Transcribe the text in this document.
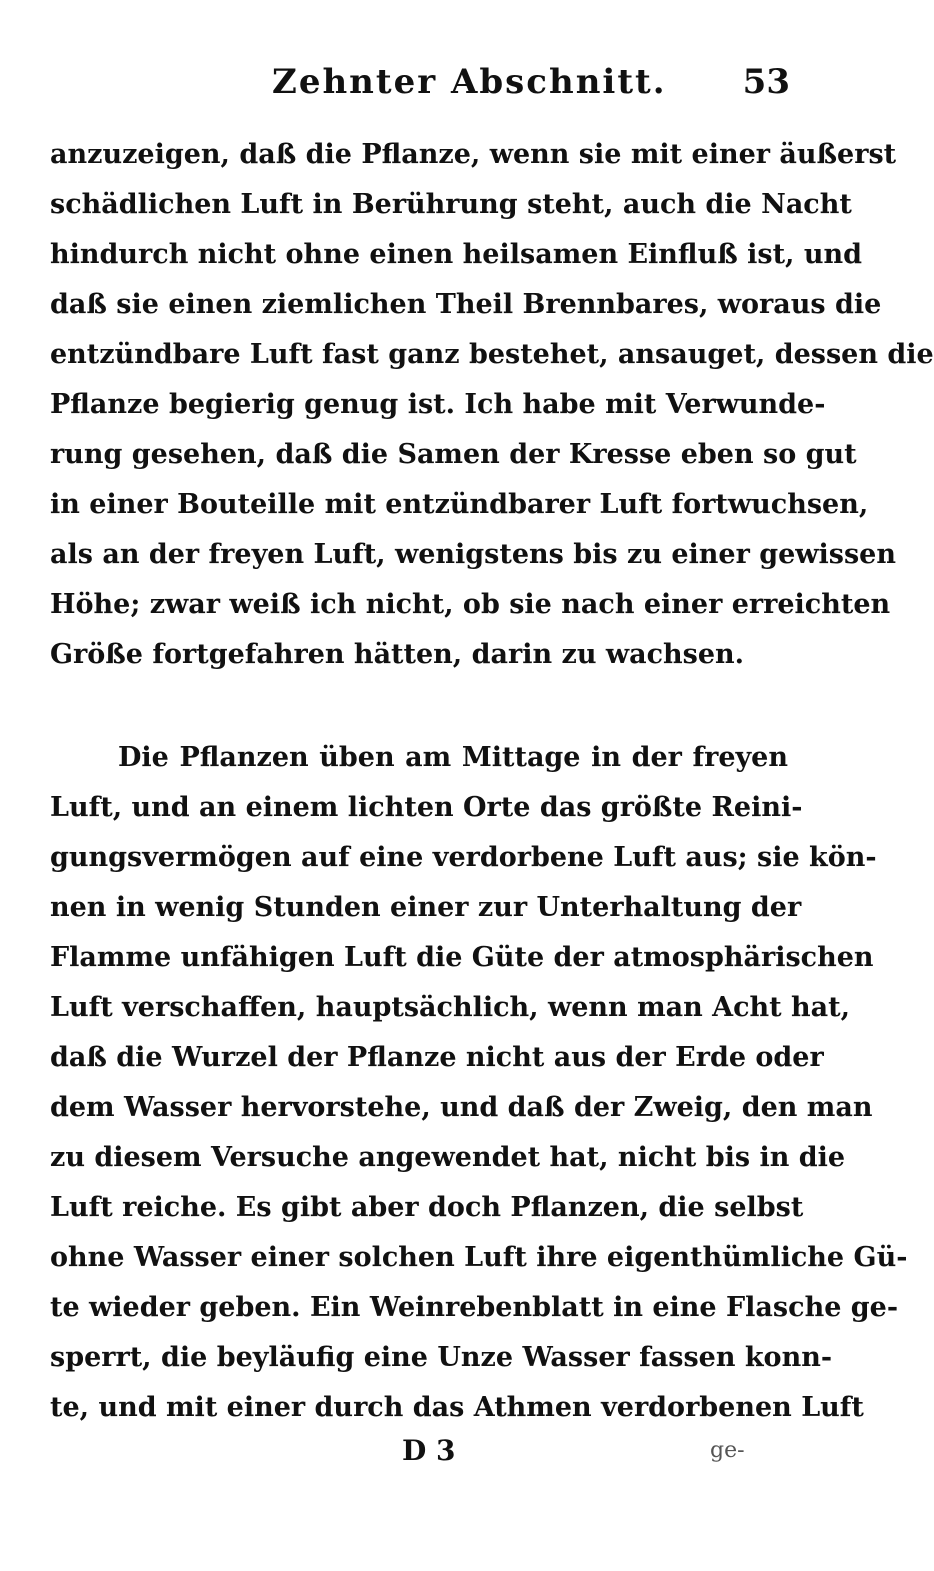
Zehnter Abschnitt. 53
anzuzeigen, daß die Pflanze, wenn sie mit einer äußerst
schädlichen Luft in Berührung steht, auch die Nacht
hindurch nicht ohne einen heilsamen Einfluß ist, und
daß sie einen ziemlichen Theil Brennbares, woraus die
entzündbare Luft fast ganz bestehet, ansauget, dessen die
Pflanze begierig genug ist. Ich habe mit Verwunde-
rung gesehen, daß die Samen der Kresse eben so gut
in einer Bouteille mit entzündbarer Luft fortwuchsen,
als an der freyen Luft, wenigstens bis zu einer gewissen
Höhe; zwar weiß ich nicht, ob sie nach einer erreichten
Größe fortgefahren hätten, darin zu wachsen.
Die Pflanzen üben am Mittage in der freyen
Luft, und an einem lichten Orte das größte Reini-
gungsvermögen auf eine verdorbene Luft aus; sie kön-
nen in wenig Stunden einer zur Unterhaltung der
Flamme unfähigen Luft die Güte der atmosphärischen
Luft verschaffen, hauptsächlich, wenn man Acht hat,
daß die Wurzel der Pflanze nicht aus der Erde oder
dem Wasser hervorstehe, und daß der Zweig, den man
zu diesem Versuche angewendet hat, nicht bis in die
Luft reiche. Es gibt aber doch Pflanzen, die selbst
ohne Wasser einer solchen Luft ihre eigenthümliche Gü-
te wieder geben. Ein Weinrebenblatt in eine Flasche ge-
sperrt, die beyläufig eine Unze Wasser fassen konn-
te, und mit einer durch das Athmen verdorbenen Luft
D 3	ge-
